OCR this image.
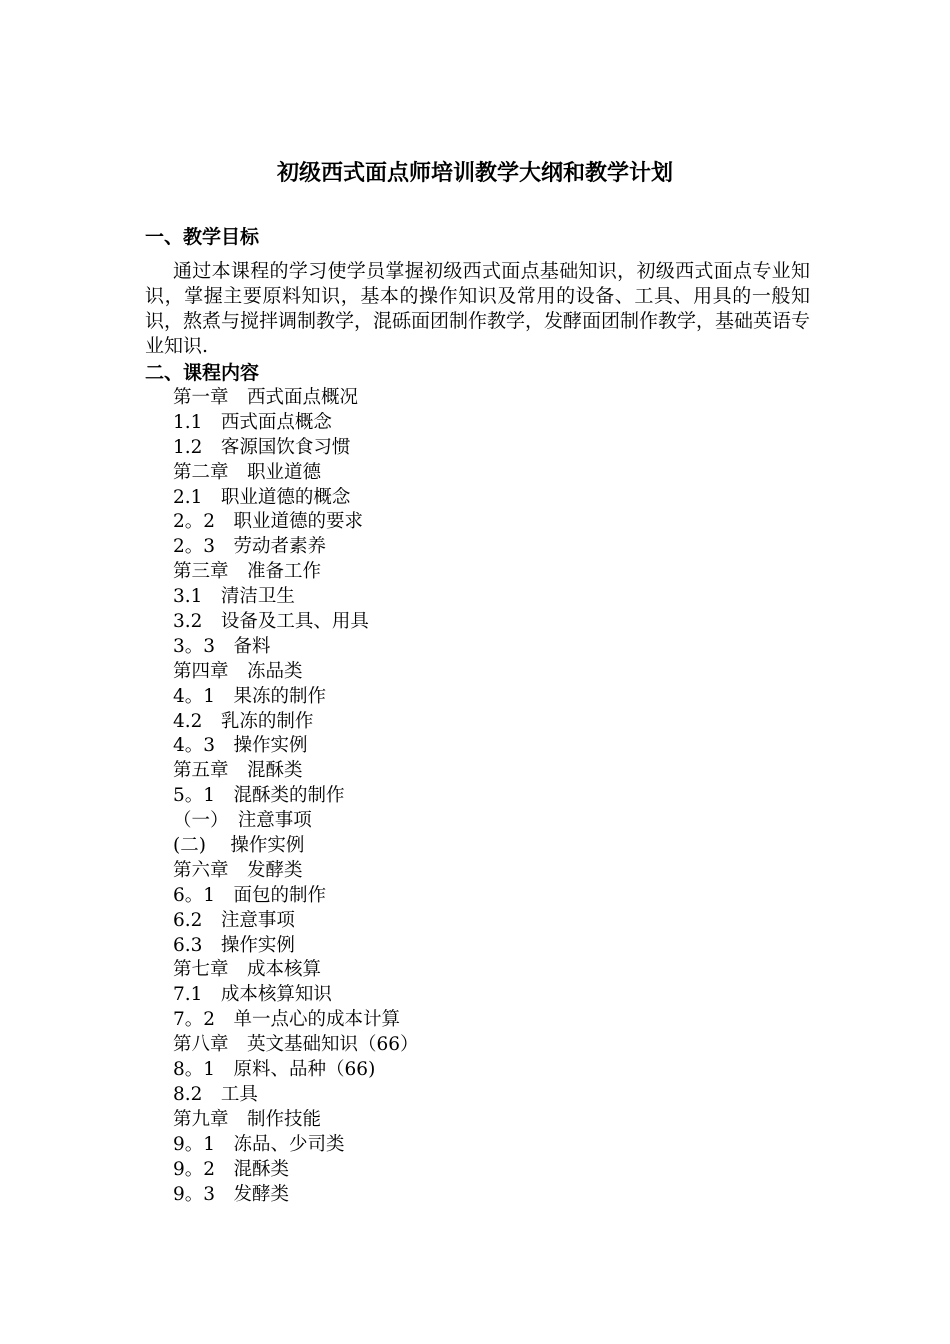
初级西式面点师培训教学大纲和教学计划
一、教学目标
通过本课程的学习使学员掌握初级西式面点基础知识，初级西式面点专业知识，掌握主要原料知识，基本的操作知识及常用的设备、工具、用具的一般知识，熬煮与搅拌调制教学，混砾面团制作教学，发酵面团制作教学，基础英语专业知识.
二、课程内容
第一章　西式面点概况
1.1　西式面点概念
1.2　客源国饮食习惯
第二章　职业道德
2.1　职业道德的概念
2。2　职业道德的要求
2。3　劳动者素养
第三章　准备工作
3.1　清洁卫生
3.2　设备及工具、用具
3。3　备料
第四章　冻品类
4。1　果冻的制作
4.2　乳冻的制作
4。3　操作实例
第五章　混酥类
5。1　混酥类的制作
（一）　注意事项
(二)　 操作实例
第六章　发酵类
6。1　面包的制作
6.2　注意事项
6.3　操作实例
第七章　成本核算
7.1　成本核算知识
7。2　单一点心的成本计算
第八章　英文基础知识（66）
8。1　原料、品种（66)
8.2　工具
第九章　制作技能
9。1　冻品、少司类
9。2　混酥类
9。3　发酵类
